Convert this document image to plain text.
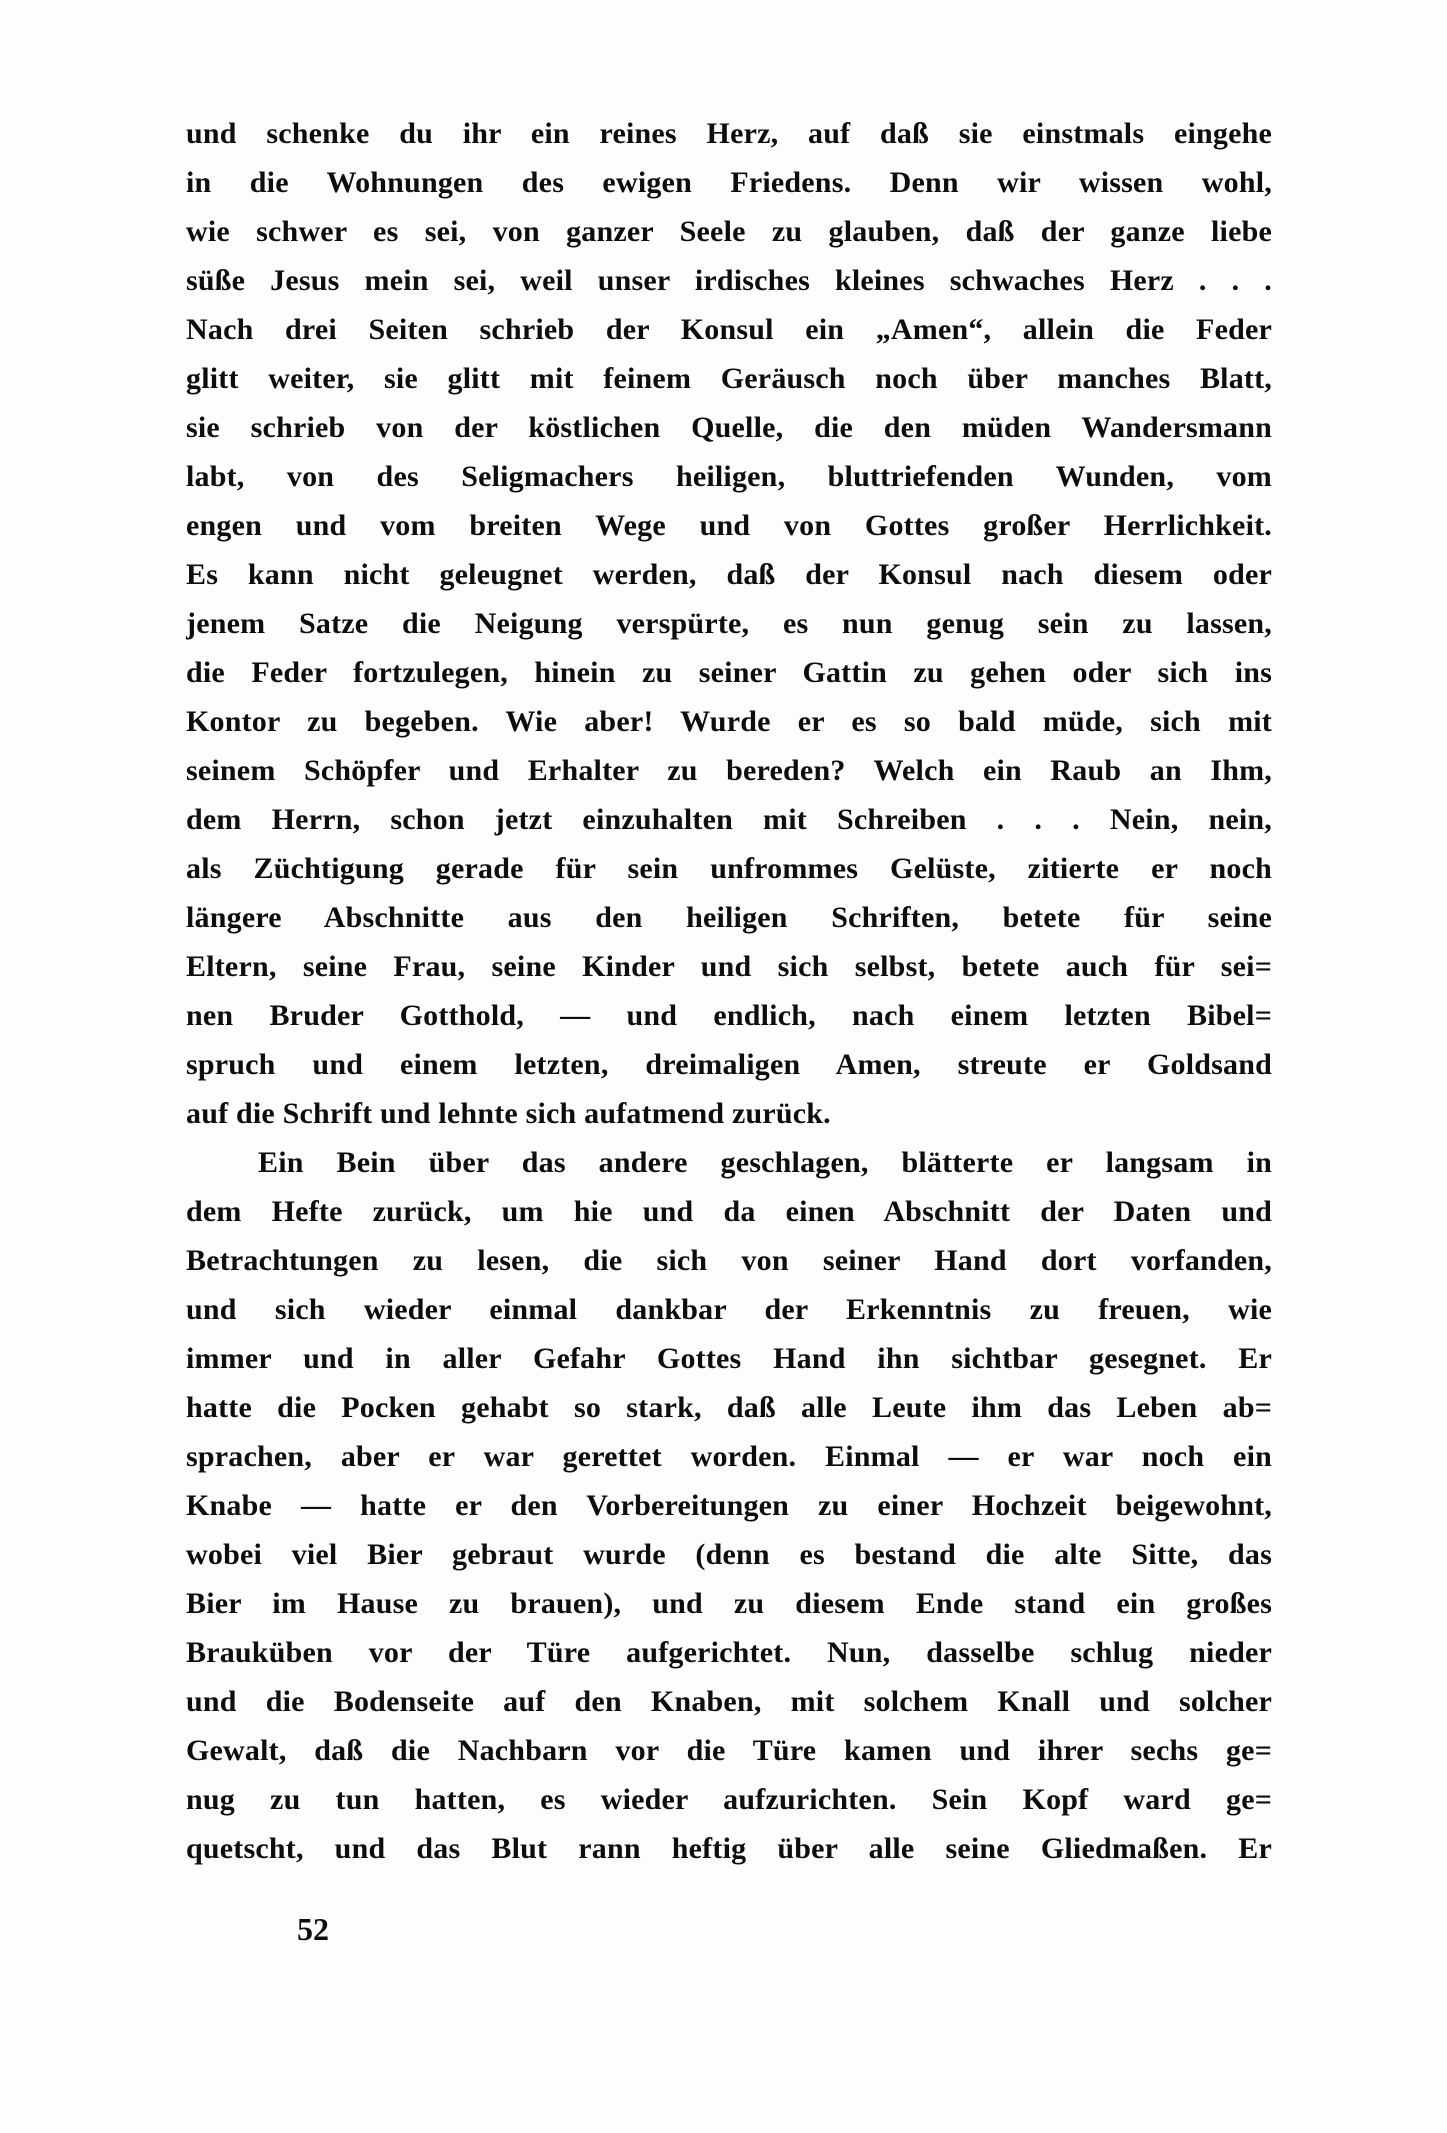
und schenke du ihr ein reines Herz, auf daß sie einstmals eingehe
in die Wohnungen des ewigen Friedens. Denn wir wissen wohl,
wie schwer es sei, von ganzer Seele zu glauben, daß der ganze liebe
süße Jesus mein sei, weil unser irdisches kleines schwaches Herz . . .
Nach drei Seiten schrieb der Konsul ein „Amen“, allein die Feder
glitt weiter, sie glitt mit feinem Geräusch noch über manches Blatt,
sie schrieb von der köstlichen Quelle, die den müden Wandersmann
labt, von des Seligmachers heiligen, bluttriefenden Wunden, vom
engen und vom breiten Wege und von Gottes großer Herrlichkeit.
Es kann nicht geleugnet werden, daß der Konsul nach diesem oder
jenem Satze die Neigung verspürte, es nun genug sein zu lassen,
die Feder fortzulegen, hinein zu seiner Gattin zu gehen oder sich ins
Kontor zu begeben. Wie aber! Wurde er es so bald müde, sich mit
seinem Schöpfer und Erhalter zu bereden? Welch ein Raub an Ihm,
dem Herrn, schon jetzt einzuhalten mit Schreiben . . . Nein, nein,
als Züchtigung gerade für sein unfrommes Gelüste, zitierte er noch
längere Abschnitte aus den heiligen Schriften, betete für seine
Eltern, seine Frau, seine Kinder und sich selbst, betete auch für sei=
nen Bruder Gotthold, — und endlich, nach einem letzten Bibel=
spruch und einem letzten, dreimaligen Amen, streute er Goldsand
auf die Schrift und lehnte sich aufatmend zurück.
Ein Bein über das andere geschlagen, blätterte er langsam in
dem Hefte zurück, um hie und da einen Abschnitt der Daten und
Betrachtungen zu lesen, die sich von seiner Hand dort vorfanden,
und sich wieder einmal dankbar der Erkenntnis zu freuen, wie
immer und in aller Gefahr Gottes Hand ihn sichtbar gesegnet. Er
hatte die Pocken gehabt so stark, daß alle Leute ihm das Leben ab=
sprachen, aber er war gerettet worden. Einmal — er war noch ein
Knabe — hatte er den Vorbereitungen zu einer Hochzeit beigewohnt,
wobei viel Bier gebraut wurde (denn es bestand die alte Sitte, das
Bier im Hause zu brauen), und zu diesem Ende stand ein großes
Brauküben vor der Türe aufgerichtet. Nun, dasselbe schlug nieder
und die Bodenseite auf den Knaben, mit solchem Knall und solcher
Gewalt, daß die Nachbarn vor die Türe kamen und ihrer sechs ge=
nug zu tun hatten, es wieder aufzurichten. Sein Kopf ward ge=
quetscht, und das Blut rann heftig über alle seine Gliedmaßen. Er
52
